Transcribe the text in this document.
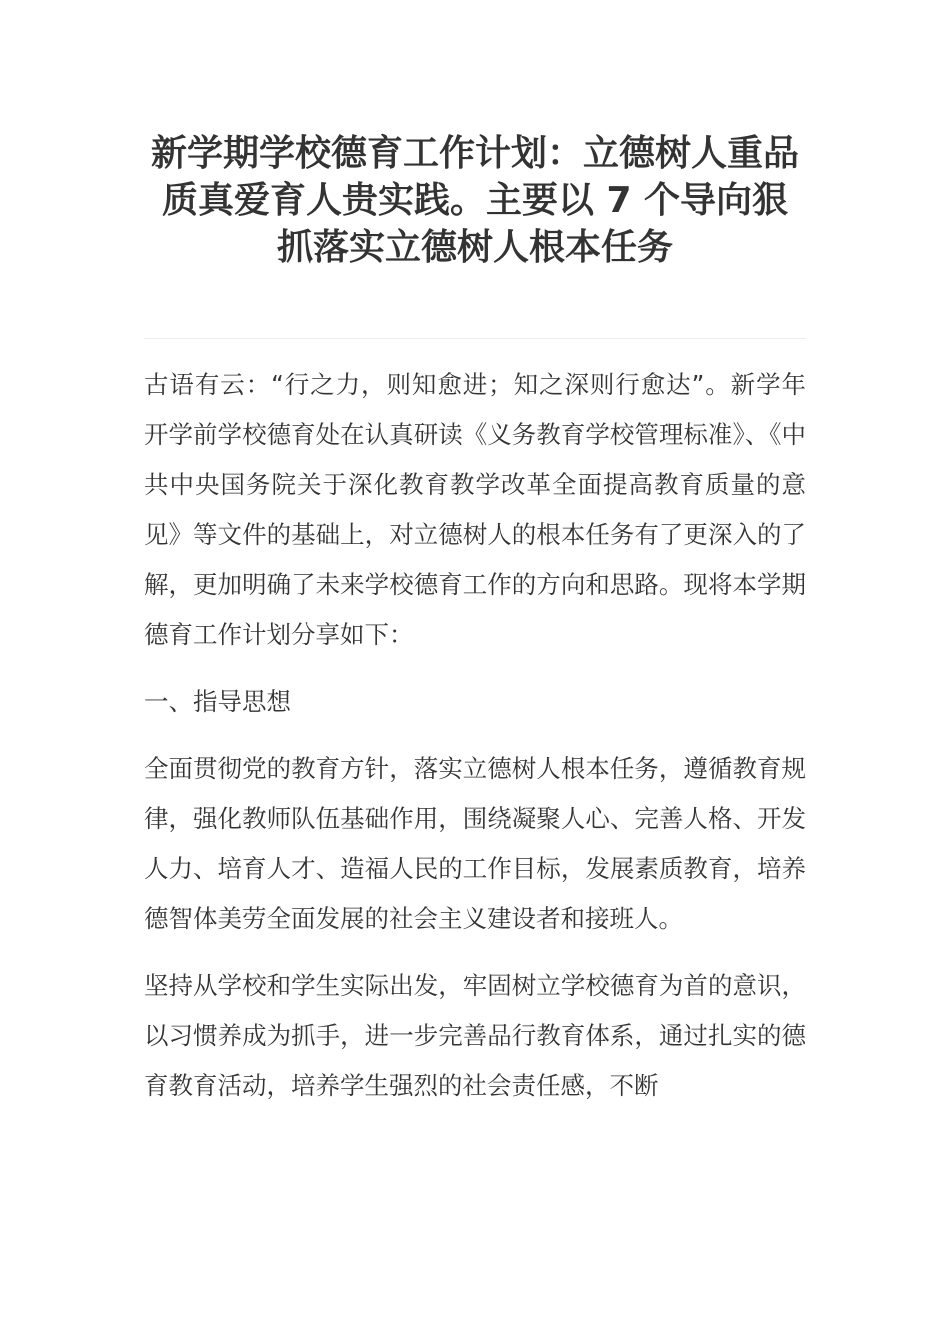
新学期学校德育工作计划：立德树人重品质真爱育人贵实践。主要以 7 个导向狠抓落实立德树人根本任务

古语有云：“行之力，则知愈进；知之深则行愈达”。新学年开学前学校德育处在认真研读《义务教育学校管理标准》、《中共中央国务院关于深化教育教学改革全面提高教育质量的意见》等文件的基础上，对立德树人的根本任务有了更深入的了解，更加明确了未来学校德育工作的方向和思路。现将本学期德育工作计划分享如下：

一、指导思想

全面贯彻党的教育方针，落实立德树人根本任务，遵循教育规律，强化教师队伍基础作用，围绕凝聚人心、完善人格、开发人力、培育人才、造福人民的工作目标，发展素质教育，培养德智体美劳全面发展的社会主义建设者和接班人。

坚持从学校和学生实际出发，牢固树立学校德育为首的意识，以习惯养成为抓手，进一步完善品行教育体系，通过扎实的德育教育活动，培养学生强烈的社会责任感，不断
